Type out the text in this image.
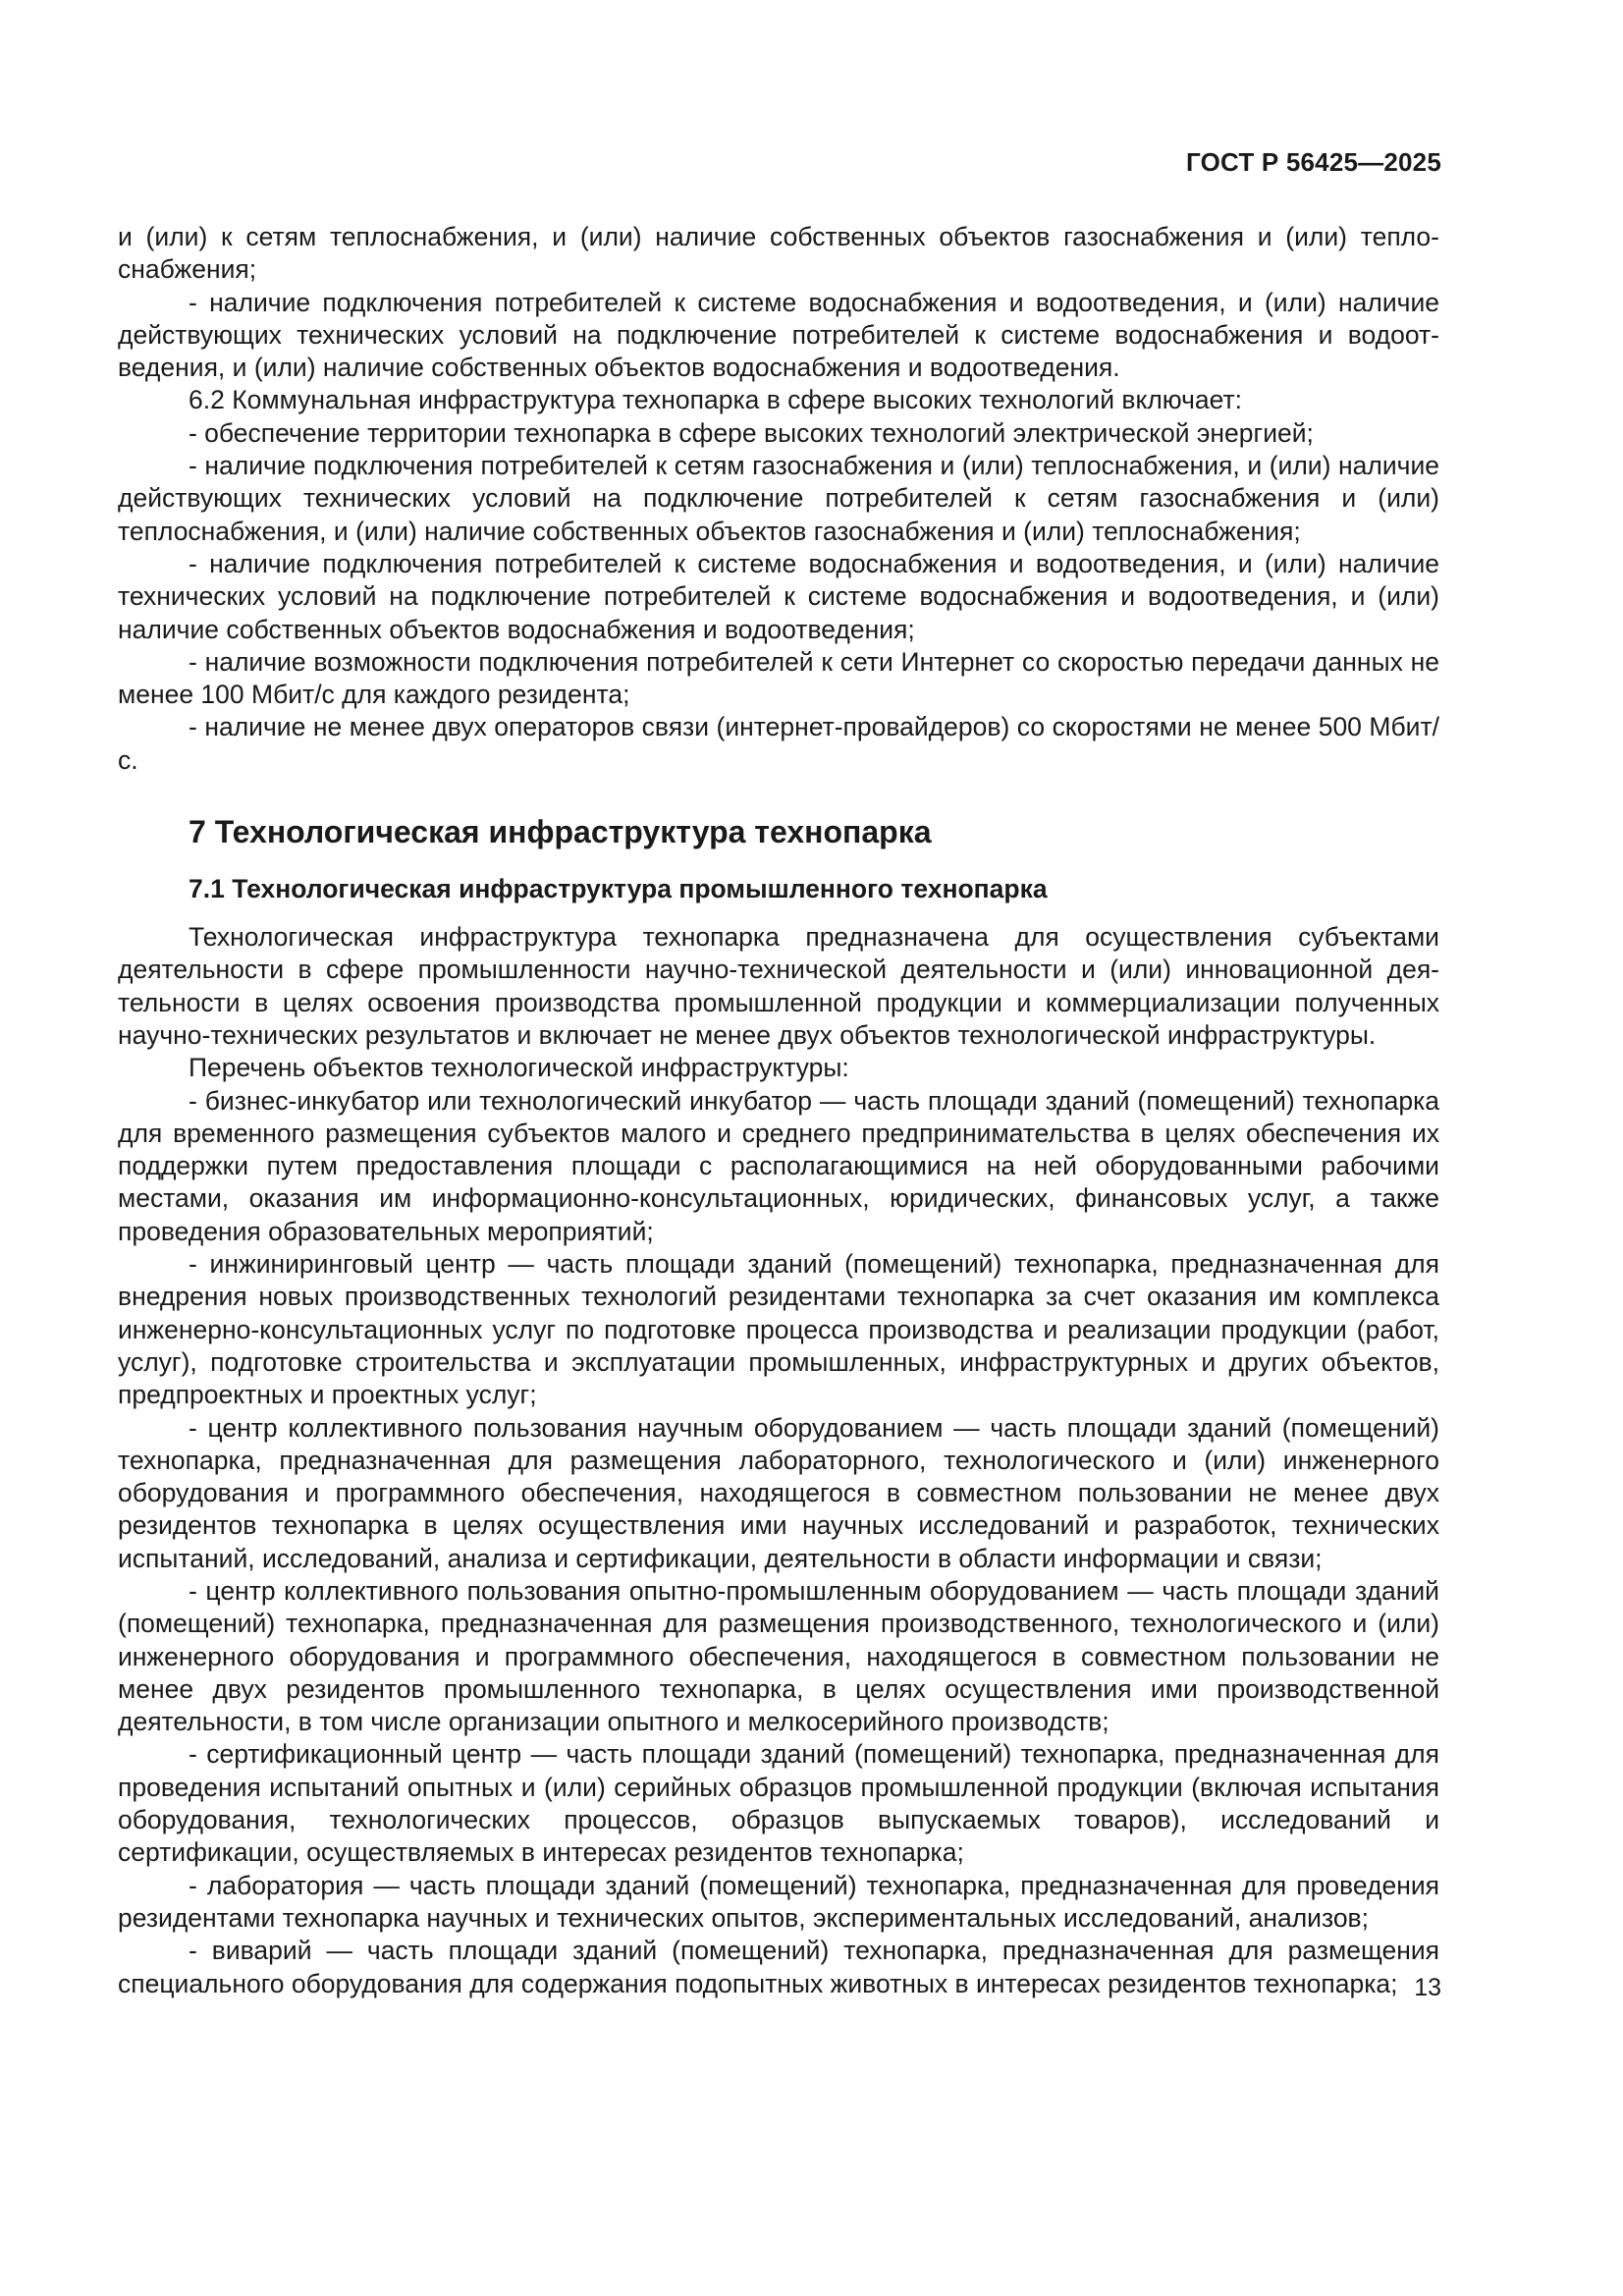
ГОСТ Р 56425—2025

и (или) к сетям теплоснабжения, и (или) наличие собственных объектов газоснабжения и (или) теплоснабжения;

- наличие подключения потребителей к системе водоснабжения и водоотведения, и (или) наличие действующих технических условий на подключение потребителей к системе водоснабжения и водоотведения, и (или) наличие собственных объектов водоснабжения и водоотведения.

6.2 Коммунальная инфраструктура технопарка в сфере высоких технологий включает:

- обеспечение территории технопарка в сфере высоких технологий электрической энергией;

- наличие подключения потребителей к сетям газоснабжения и (или) теплоснабжения, и (или) наличие действующих технических условий на подключение потребителей к сетям газоснабжения и (или) теплоснабжения, и (или) наличие собственных объектов газоснабжения и (или) теплоснабжения;

- наличие подключения потребителей к системе водоснабжения и водоотведения, и (или) наличие технических условий на подключение потребителей к системе водоснабжения и водоотведения, и (или) наличие собственных объектов водоснабжения и водоотведения;

- наличие возможности подключения потребителей к сети Интернет со скоростью передачи данных не менее 100 Мбит/с для каждого резидента;

- наличие не менее двух операторов связи (интернет-провайдеров) со скоростями не менее 500 Мбит/с.

7 Технологическая инфраструктура технопарка
7.1 Технологическая инфраструктура промышленного технопарка

Технологическая инфраструктура технопарка предназначена для осуществления субъектами деятельности в сфере промышленности научно-технической деятельности и (или) инновационной деятельности в целях освоения производства промышленной продукции и коммерциализации полученных научно-технических результатов и включает не менее двух объектов технологической инфраструктуры.

Перечень объектов технологической инфраструктуры:

- бизнес-инкубатор или технологический инкубатор — часть площади зданий (помещений) технопарка для временного размещения субъектов малого и среднего предпринимательства в целях обеспечения их поддержки путем предоставления площади с располагающимися на ней оборудованными рабочими местами, оказания им информационно-консультационных, юридических, финансовых услуг, а также проведения образовательных мероприятий;

- инжиниринговый центр — часть площади зданий (помещений) технопарка, предназначенная для внедрения новых производственных технологий резидентами технопарка за счет оказания им комплекса инженерно-консультационных услуг по подготовке процесса производства и реализации продукции (работ, услуг), подготовке строительства и эксплуатации промышленных, инфраструктурных и других объектов, предпроектных и проектных услуг;

- центр коллективного пользования научным оборудованием — часть площади зданий (помещений) технопарка, предназначенная для размещения лабораторного, технологического и (или) инженерного оборудования и программного обеспечения, находящегося в совместном пользовании не менее двух резидентов технопарка в целях осуществления ими научных исследований и разработок, технических испытаний, исследований, анализа и сертификации, деятельности в области информации и связи;

- центр коллективного пользования опытно-промышленным оборудованием — часть площади зданий (помещений) технопарка, предназначенная для размещения производственного, технологического и (или) инженерного оборудования и программного обеспечения, находящегося в совместном пользовании не менее двух резидентов промышленного технопарка, в целях осуществления ими производственной деятельности, в том числе организации опытного и мелкосерийного производств;

- сертификационный центр — часть площади зданий (помещений) технопарка, предназначенная для проведения испытаний опытных и (или) серийных образцов промышленной продукции (включая испытания оборудования, технологических процессов, образцов выпускаемых товаров), исследований и сертификации, осуществляемых в интересах резидентов технопарка;

- лаборатория — часть площади зданий (помещений) технопарка, предназначенная для проведения резидентами технопарка научных и технических опытов, экспериментальных исследований, анализов;

- виварий — часть площади зданий (помещений) технопарка, предназначенная для размещения специального оборудования для содержания подопытных животных в интересах резидентов технопарка; 13
